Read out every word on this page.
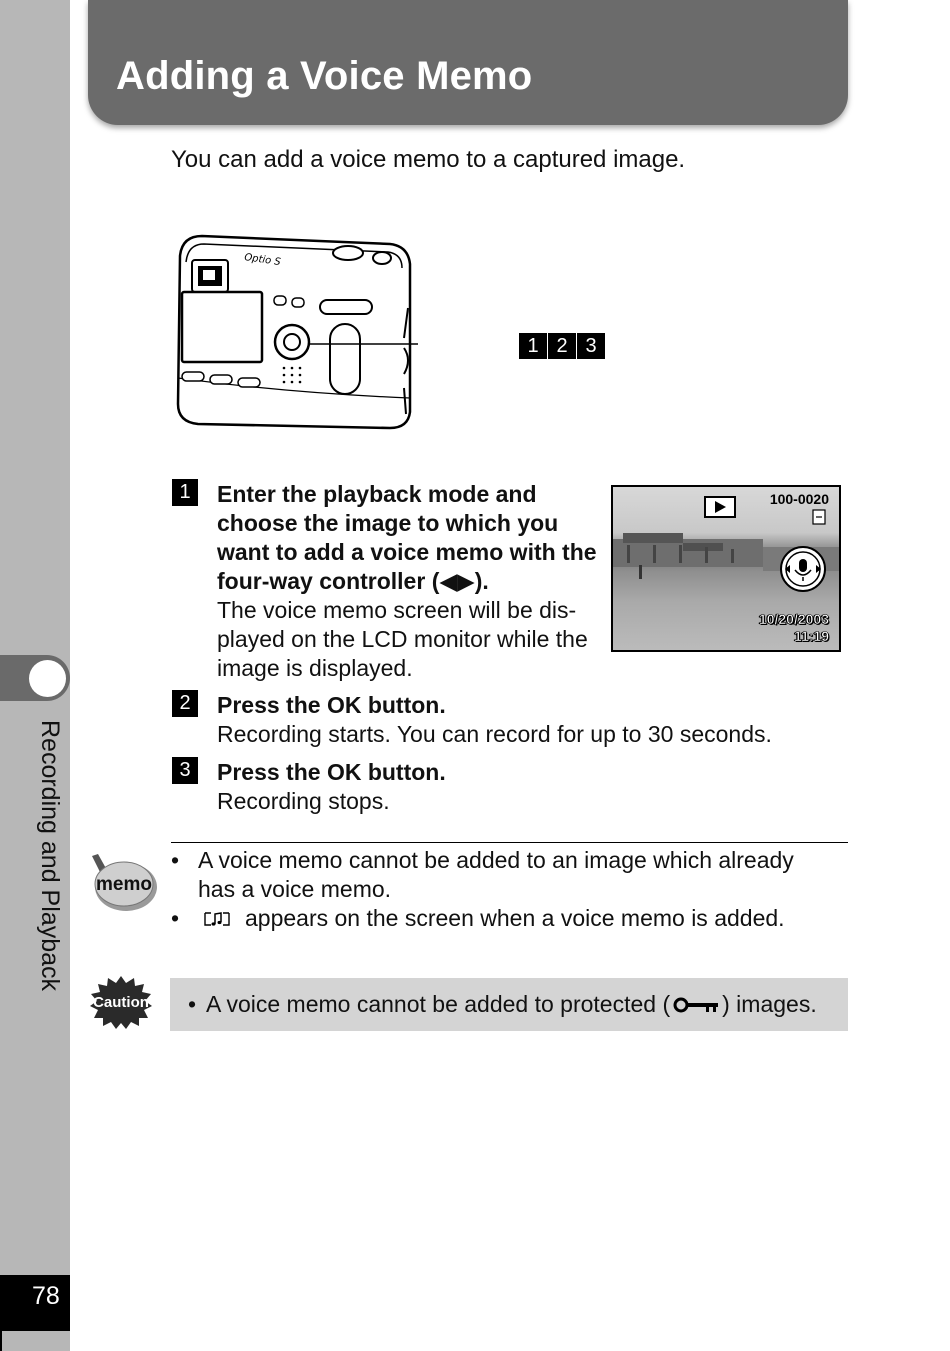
Recording and Playback
78
Adding a Voice Memo

You can add a voice memo to a captured image.

Optio S
1 2 3
1	Enter the playback mode and
choose the image to which you
want to add a voice memo with the
four-way controller (◀▶).
The voice memo screen will be dis-
played on the LCD monitor while the
image is displayed.
100-0020
10/20/2003
11:19
2	Press the OK button.
Recording starts. You can record for up to 30 seconds.
3	Press the OK button.
Recording stops.
memo
• A voice memo cannot be added to an image which already
has a voice memo.
• appears on the screen when a voice memo is added.
Caution
• A voice memo cannot be added to protected ( ) images.
